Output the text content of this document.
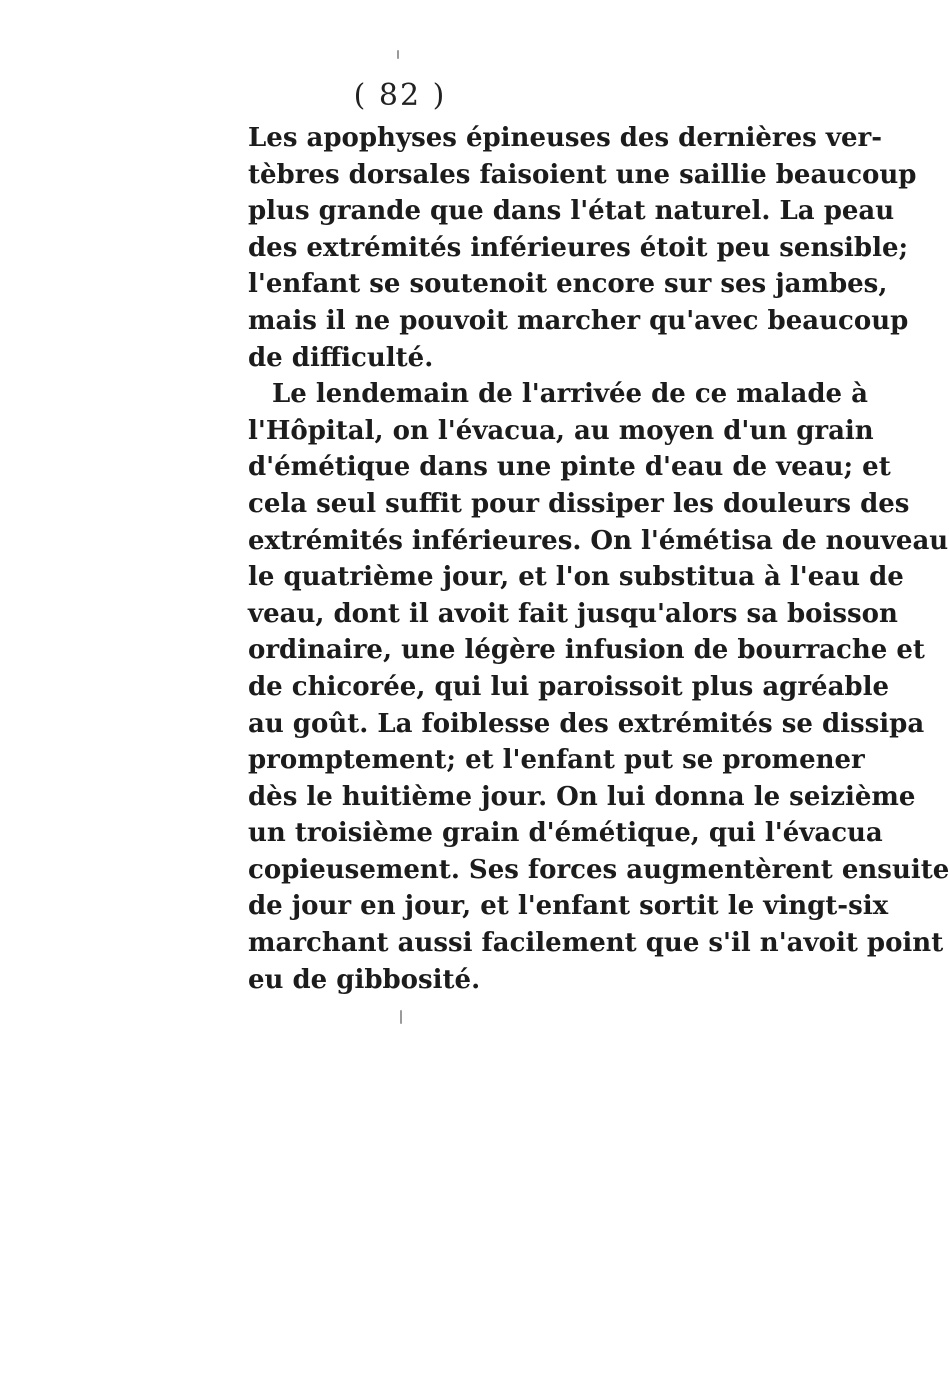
( 82 )
Les apophyses épineuses des dernières ver-
tèbres dorsales faisoient une saillie beaucoup
plus grande que dans l'état naturel. La peau
des extrémités inférieures étoit peu sensible;
l'enfant se soutenoit encore sur ses jambes,
mais il ne pouvoit marcher qu'avec beaucoup
de difficulté.
Le lendemain de l'arrivée de ce malade à
l'Hôpital, on l'évacua, au moyen d'un grain
d'émétique dans une pinte d'eau de veau; et
cela seul suffit pour dissiper les douleurs des
extrémités inférieures. On l'émétisa de nouveau
le quatrième jour, et l'on substitua à l'eau de
veau, dont il avoit fait jusqu'alors sa boisson
ordinaire, une légère infusion de bourrache et
de chicorée, qui lui paroissoit plus agréable
au goût. La foiblesse des extrémités se dissipa
promptement; et l'enfant put se promener
dès le huitième jour. On lui donna le seizième
un troisième grain d'émétique, qui l'évacua
copieusement. Ses forces augmentèrent ensuite
de jour en jour, et l'enfant sortit le vingt-six
marchant aussi facilement que s'il n'avoit point
eu de gibbosité.
